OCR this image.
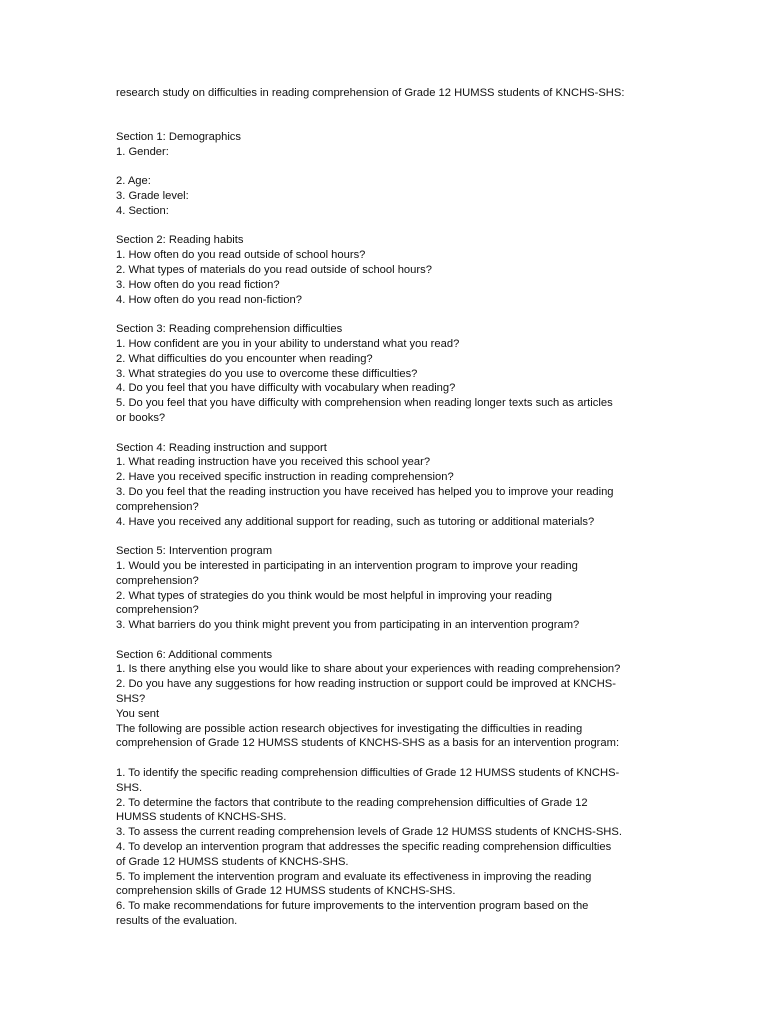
research study on difficulties in reading comprehension of Grade 12 HUMSS students of KNCHS-SHS:
Section 1: Demographics
1. Gender:
2. Age:
3. Grade level:
4. Section:
Section 2: Reading habits
1. How often do you read outside of school hours?
2. What types of materials do you read outside of school hours?
3. How often do you read fiction?
4. How often do you read non-fiction?
Section 3: Reading comprehension difficulties
1. How confident are you in your ability to understand what you read?
2. What difficulties do you encounter when reading?
3. What strategies do you use to overcome these difficulties?
4. Do you feel that you have difficulty with vocabulary when reading?
5. Do you feel that you have difficulty with comprehension when reading longer texts such as articles
or books?
Section 4: Reading instruction and support
1. What reading instruction have you received this school year?
2. Have you received specific instruction in reading comprehension?
3. Do you feel that the reading instruction you have received has helped you to improve your reading
comprehension?
4. Have you received any additional support for reading, such as tutoring or additional materials?
Section 5: Intervention program
1. Would you be interested in participating in an intervention program to improve your reading
comprehension?
2. What types of strategies do you think would be most helpful in improving your reading
comprehension?
3. What barriers do you think might prevent you from participating in an intervention program?
Section 6: Additional comments
1. Is there anything else you would like to share about your experiences with reading comprehension?
2. Do you have any suggestions for how reading instruction or support could be improved at KNCHS-
SHS?
You sent
The following are possible action research objectives for investigating the difficulties in reading
comprehension of Grade 12 HUMSS students of KNCHS-SHS as a basis for an intervention program:
1. To identify the specific reading comprehension difficulties of Grade 12 HUMSS students of KNCHS-
SHS.
2. To determine the factors that contribute to the reading comprehension difficulties of Grade 12
HUMSS students of KNCHS-SHS.
3. To assess the current reading comprehension levels of Grade 12 HUMSS students of KNCHS-SHS.
4. To develop an intervention program that addresses the specific reading comprehension difficulties
of Grade 12 HUMSS students of KNCHS-SHS.
5. To implement the intervention program and evaluate its effectiveness in improving the reading
comprehension skills of Grade 12 HUMSS students of KNCHS-SHS.
6. To make recommendations for future improvements to the intervention program based on the
results of the evaluation.
